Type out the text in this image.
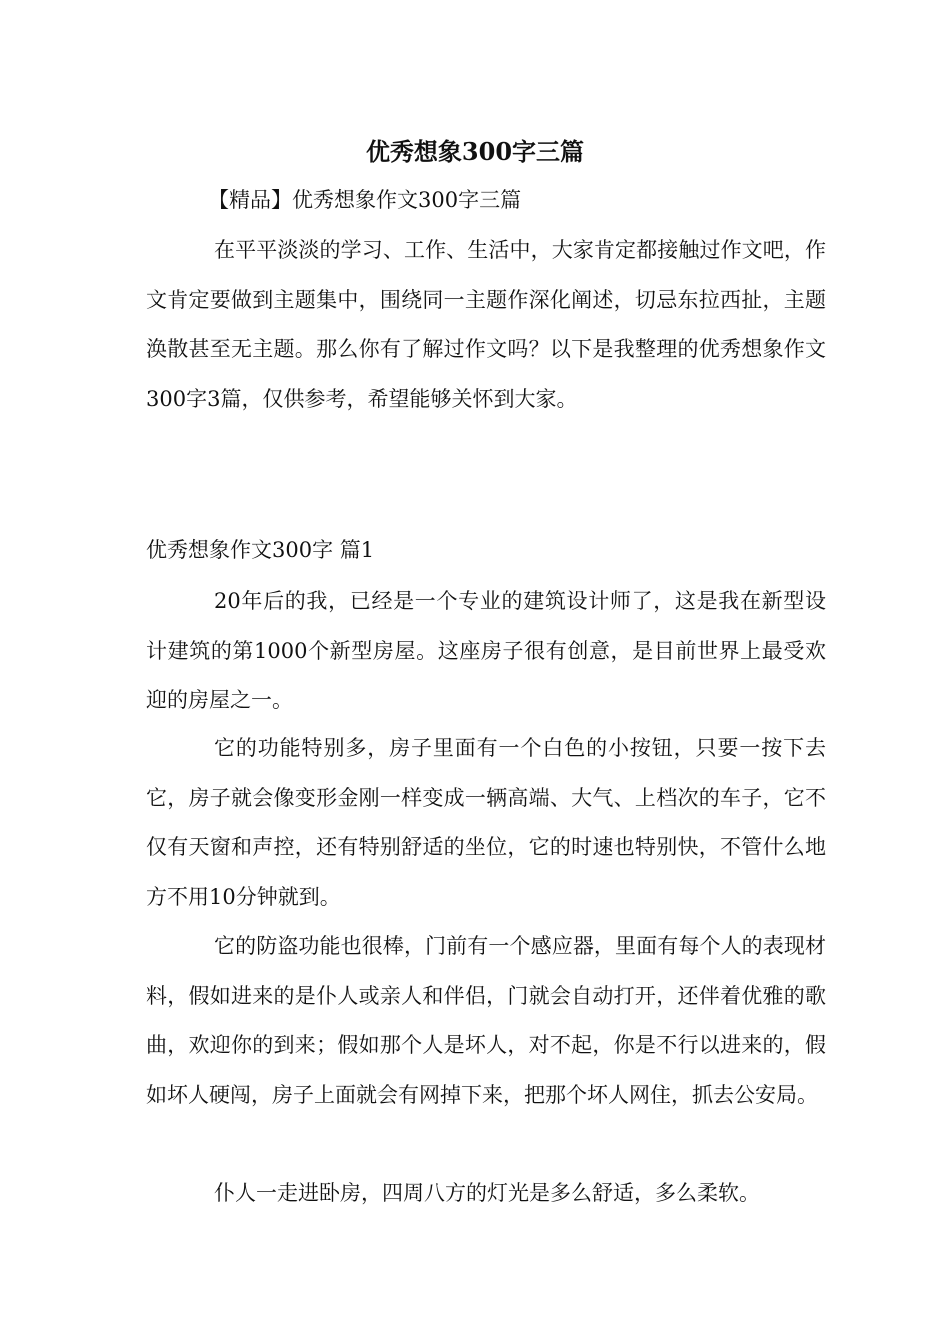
优秀想象300字三篇
【精品】优秀想象作文300字三篇

在平平淡淡的学习、工作、生活中，大家肯定都接触过作文吧，作文肯定要做到主题集中，围绕同一主题作深化阐述，切忌东拉西扯，主题涣散甚至无主题。那么你有了解过作文吗？以下是我整理的优秀想象作文300字3篇，仅供参考，希望能够关怀到大家。

优秀想象作文300字 篇1

20年后的我，已经是一个专业的建筑设计师了，这是我在新型设计建筑的第1000个新型房屋。这座房子很有创意，是目前世界上最受欢迎的房屋之一。

它的功能特别多，房子里面有一个白色的小按钮，只要一按下去它，房子就会像变形金刚一样变成一辆高端、大气、上档次的车子，它不仅有天窗和声控，还有特别舒适的坐位，它的时速也特别快，不管什么地方不用10分钟就到。

它的防盗功能也很棒，门前有一个感应器，里面有每个人的表现材料，假如进来的是仆人或亲人和伴侣，门就会自动打开，还伴着优雅的歌曲，欢迎你的到来；假如那个人是坏人，对不起，你是不行以进来的，假如坏人硬闯，房子上面就会有网掉下来，把那个坏人网住，抓去公安局。

仆人一走进卧房，四周八方的灯光是多么舒适，多么柔软。
